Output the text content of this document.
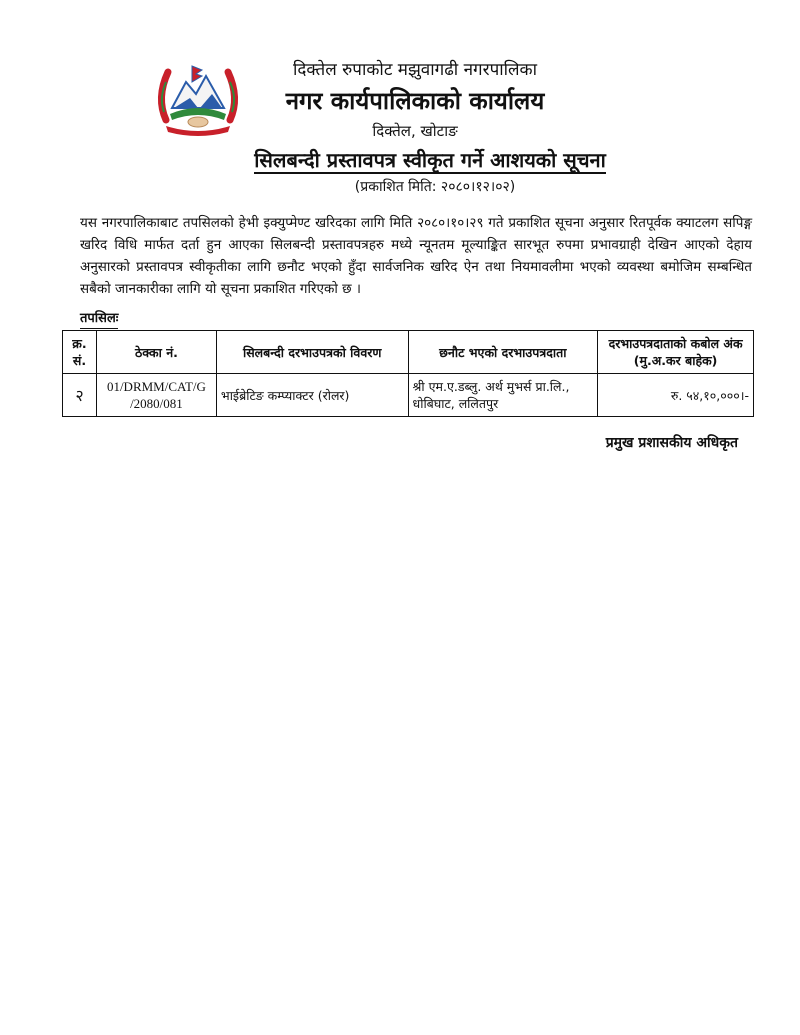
दिक्तेल रुपाकोट मझुवागढी नगरपालिका
नगर कार्यपालिकाको कार्यालय
दिक्तेल, खोटाङ
सिलबन्दी प्रस्तावपत्र स्वीकृत गर्ने आशयको सूचना
(प्रकाशित मिति: २०८०।१२।०२)
यस नगरपालिकाबाट तपसिलको हेभी इक्युप्मेण्ट खरिदका लागि मिति २०८०।१०।२९ गते प्रकाशित सूचना अनुसार रितपूर्वक क्याटलग सपिङ्ग खरिद विधि मार्फत दर्ता हुन आएका सिलबन्दी प्रस्तावपत्रहरु मध्ये न्यूनतम मूल्याङ्कित सारभूत रुपमा प्रभावग्राही देखिन आएको देहाय अनुसारको प्रस्तावपत्र स्वीकृतीका लागि छनौट भएको हुँदा सार्वजनिक खरिद ऐन तथा नियमावलीमा भएको व्यवस्था बमोजिम सम्बन्धित सबैको जानकारीका लागि यो सूचना प्रकाशित गरिएको छ ।
तपसिलः
क्र. सं.	ठेक्का नं.	सिलबन्दी दरभाउपत्रको विवरण	छनौट भएको दरभाउपत्रदाता	दरभाउपत्रदाताको कबोल अंक (मु.अ.कर बाहेक)
२	01/DRMM/CAT/G /2080/081	भाईब्रेटिङ कम्प्याक्टर (रोलर)	श्री एम.ए.डब्लु. अर्थ मुभर्स प्रा.लि., धोबिघाट, ललितपुर	रु. ५४,१०,०००।-
प्रमुख प्रशासकीय अधिकृत
